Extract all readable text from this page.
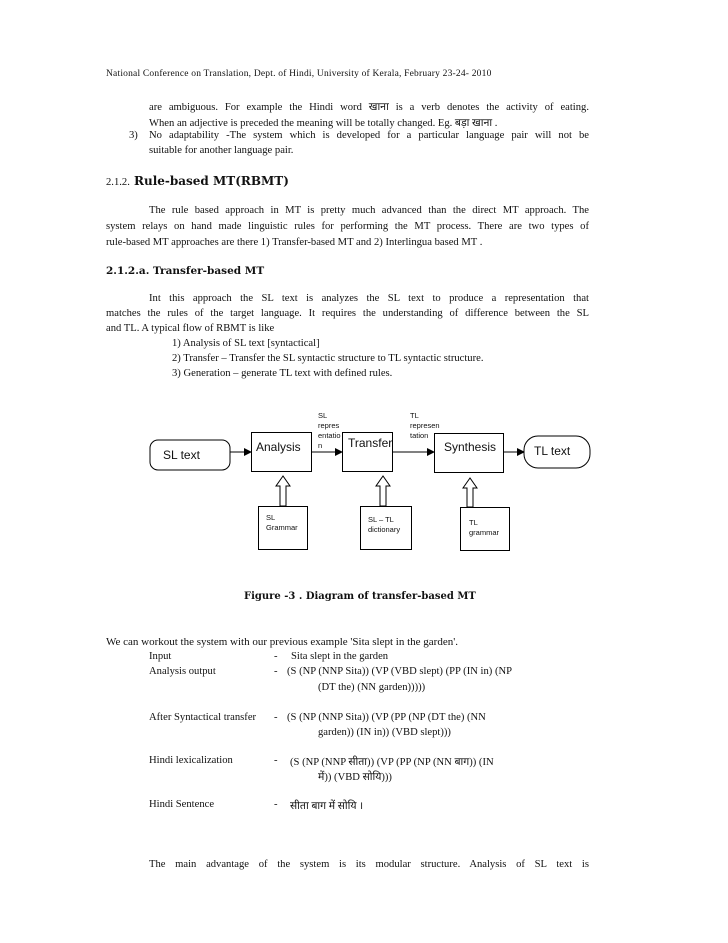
National Conference on Translation, Dept. of Hindi, University of Kerala, February 23-24- 2010
are ambiguous. For example the Hindi word खाना is a verb denotes the activity of eating.
When an adjective is preceded the meaning will be totally changed. Eg. बड़ा खाना .
3) No adaptability -The system which is developed for a particular language pair will not be
suitable for another language pair.
2.1.2. Rule-based MT(RBMT)
The rule based approach in MT is pretty much advanced than the direct MT approach. The
system relays on hand made linguistic rules for performing the MT process. There are two types of
rule-based MT approaches are there 1) Transfer-based MT and 2) Interlingua based MT .
2.1.2.a. Transfer-based MT
Int this approach the SL text is analyzes the SL text to produce a representation that
matches the rules of the target language. It requires the understanding of difference between the SL
and TL. A typical flow of RBMT is like
1) Analysis of SL text [syntactical]
2) Transfer – Transfer the SL syntactic structure to TL syntactic structure.
3) Generation – generate TL text with defined rules.
Analysis	Transfer	Synthesis
SL text	TL text
SL
repres
entatio
n
TL
represen
tation
SL
Grammar
SL – TL
dictionary
TL
grammar
Figure -3 . Diagram of transfer-based MT
We can workout the system with our previous example 'Sita slept in the garden'.
Input	- Sita slept in the garden
Analysis output	- (S (NP (NNP Sita)) (VP (VBD slept) (PP (IN in) (NP
(DT the) (NN garden)))))
After Syntactical transfer - (S (NP (NNP Sita)) (VP (PP (NP (DT the) (NN
garden)) (IN in)) (VBD slept)))
Hindi lexicalization	- (S (NP (NNP सीता)) (VP (PP (NP (NN बाग)) (IN
में)) (VBD सोयि)))
Hindi Sentence	- सीता बाग में सोयि ।
The main advantage of the system is its modular structure. Analysis of SL text is
